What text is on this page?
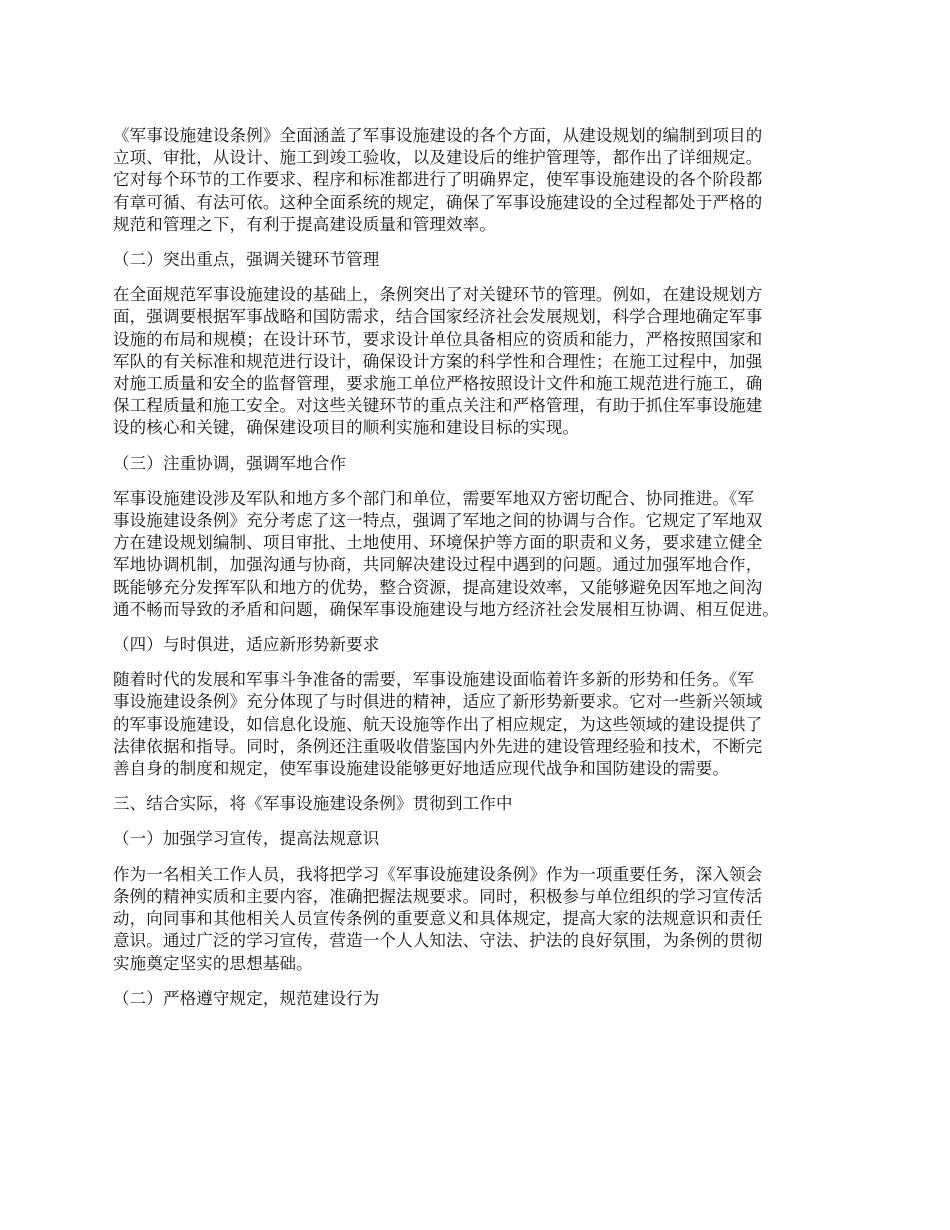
《军事设施建设条例》全面涵盖了军事设施建设的各个方面，从建设规划的编制到项目的
立项、审批，从设计、施工到竣工验收，以及建设后的维护管理等，都作出了详细规定。
它对每个环节的工作要求、程序和标准都进行了明确界定，使军事设施建设的各个阶段都
有章可循、有法可依。这种全面系统的规定，确保了军事设施建设的全过程都处于严格的
规范和管理之下，有利于提高建设质量和管理效率。

（二）突出重点，强调关键环节管理

在全面规范军事设施建设的基础上，条例突出了对关键环节的管理。例如，在建设规划方
面，强调要根据军事战略和国防需求，结合国家经济社会发展规划，科学合理地确定军事
设施的布局和规模；在设计环节，要求设计单位具备相应的资质和能力，严格按照国家和
军队的有关标准和规范进行设计，确保设计方案的科学性和合理性；在施工过程中，加强
对施工质量和安全的监督管理，要求施工单位严格按照设计文件和施工规范进行施工，确
保工程质量和施工安全。对这些关键环节的重点关注和严格管理，有助于抓住军事设施建
设的核心和关键，确保建设项目的顺利实施和建设目标的实现。

（三）注重协调，强调军地合作

军事设施建设涉及军队和地方多个部门和单位，需要军地双方密切配合、协同推进。《军
事设施建设条例》充分考虑了这一特点，强调了军地之间的协调与合作。它规定了军地双
方在建设规划编制、项目审批、土地使用、环境保护等方面的职责和义务，要求建立健全
军地协调机制，加强沟通与协商，共同解决建设过程中遇到的问题。通过加强军地合作，
既能够充分发挥军队和地方的优势，整合资源，提高建设效率，又能够避免因军地之间沟
通不畅而导致的矛盾和问题，确保军事设施建设与地方经济社会发展相互协调、相互促进。

（四）与时俱进，适应新形势新要求

随着时代的发展和军事斗争准备的需要，军事设施建设面临着许多新的形势和任务。《军
事设施建设条例》充分体现了与时俱进的精神，适应了新形势新要求。它对一些新兴领域
的军事设施建设，如信息化设施、航天设施等作出了相应规定，为这些领域的建设提供了
法律依据和指导。同时，条例还注重吸收借鉴国内外先进的建设管理经验和技术，不断完
善自身的制度和规定，使军事设施建设能够更好地适应现代战争和国防建设的需要。

三、结合实际，将《军事设施建设条例》贯彻到工作中
（一）加强学习宣传，提高法规意识

作为一名相关工作人员，我将把学习《军事设施建设条例》作为一项重要任务，深入领会
条例的精神实质和主要内容，准确把握法规要求。同时，积极参与单位组织的学习宣传活
动，向同事和其他相关人员宣传条例的重要意义和具体规定，提高大家的法规意识和责任
意识。通过广泛的学习宣传，营造一个人人知法、守法、护法的良好氛围，为条例的贯彻
实施奠定坚实的思想基础。

（二）严格遵守规定，规范建设行为
